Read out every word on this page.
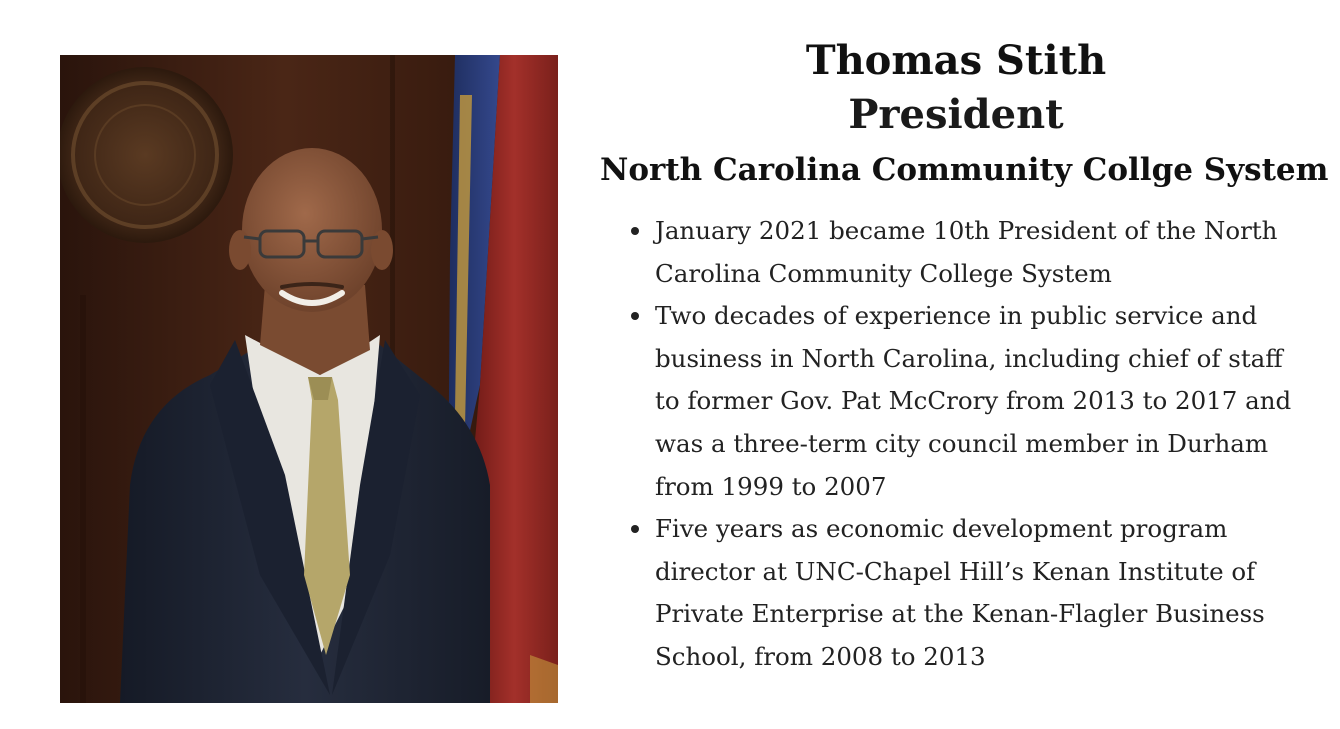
Thomas Stith
President
North Carolina Community Collge System
January 2021 became 10th President of the North Carolina Community College System
Two decades of experience in public service and business in North Carolina, including chief of staff to former Gov. Pat McCrory from 2013 to 2017 and was a three-term city council member in Durham from 1999 to 2007
Five years as economic development program director at UNC-Chapel Hill’s Kenan Institute of Private Enterprise at the Kenan-Flagler Business School, from 2008 to 2013
